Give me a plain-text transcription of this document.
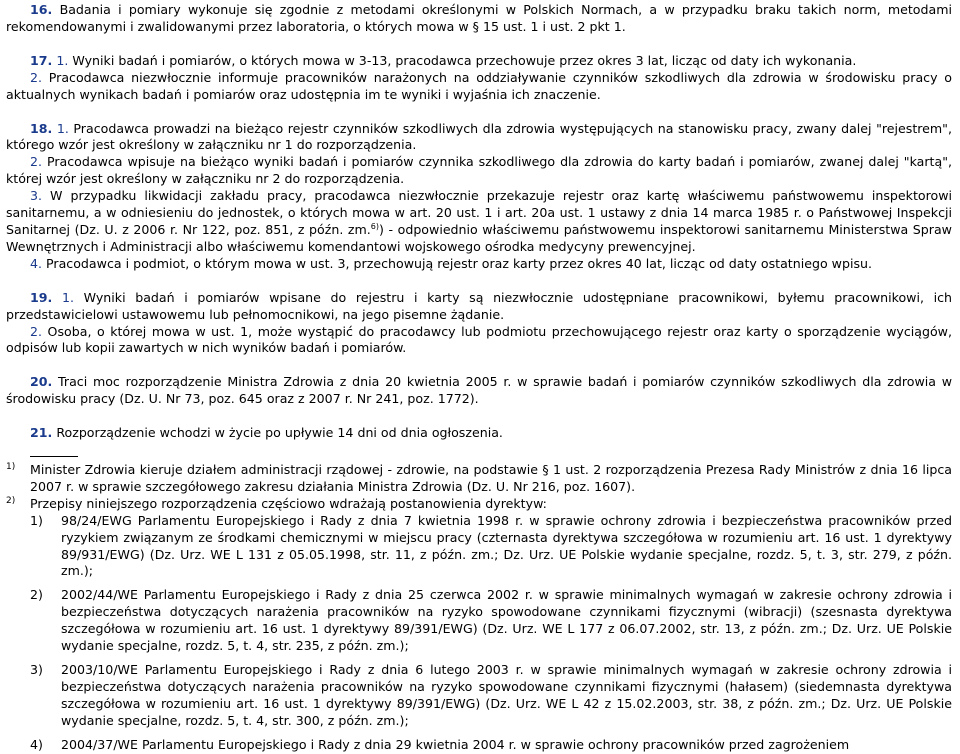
16. Badania i pomiary wykonuje się zgodnie z metodami określonymi w Polskich Normach, a w przypadku braku takich norm, metodami rekomendowanymi i zwalidowanymi przez laboratoria, o których mowa w § 15 ust. 1 i ust. 2 pkt 1.

17. 1. Wyniki badań i pomiarów, o których mowa w 3-13, pracodawca przechowuje przez okres 3 lat, licząc od daty ich wykonania.

2. Pracodawca niezwłocznie informuje pracowników narażonych na oddziaływanie czynników szkodliwych dla zdrowia w środowisku pracy o aktualnych wynikach badań i pomiarów oraz udostępnia im te wyniki i wyjaśnia ich znaczenie.

18. 1. Pracodawca prowadzi na bieżąco rejestr czynników szkodliwych dla zdrowia występujących na stanowisku pracy, zwany dalej "rejestrem", którego wzór jest określony w załączniku nr 1 do rozporządzenia.

2. Pracodawca wpisuje na bieżąco wyniki badań i pomiarów czynnika szkodliwego dla zdrowia do karty badań i pomiarów, zwanej dalej "kartą", której wzór jest określony w załączniku nr 2 do rozporządzenia.

3. W przypadku likwidacji zakładu pracy, pracodawca niezwłocznie przekazuje rejestr oraz kartę właściwemu państwowemu inspektorowi sanitarnemu, a w odniesieniu do jednostek, o których mowa w art. 20 ust. 1 i art. 20a ust. 1 ustawy z dnia 14 marca 1985 r. o Państwowej Inspekcji Sanitarnej (Dz. U. z 2006 r. Nr 122, poz. 851, z późn. zm.$^{6)}$) - odpowiednio właściwemu państwowemu inspektorowi sanitarnemu Ministerstwa Spraw Wewnętrznych i Administracji albo właściwemu komendantowi wojskowego ośrodka medycyny prewencyjnej.

4. Pracodawca i podmiot, o którym mowa w ust. 3, przechowują rejestr oraz karty przez okres 40 lat, licząc od daty ostatniego wpisu.

19. 1. Wyniki badań i pomiarów wpisane do rejestru i karty są niezwłocznie udostępniane pracownikowi, byłemu pracownikowi, ich przedstawicielowi ustawowemu lub pełnomocnikowi, na jego pisemne żądanie.

2. Osoba, o której mowa w ust. 1, może wystąpić do pracodawcy lub podmiotu przechowującego rejestr oraz karty o sporządzenie wyciągów, odpisów lub kopii zawartych w nich wyników badań i pomiarów.

20. Traci moc rozporządzenie Ministra Zdrowia z dnia 20 kwietnia 2005 r. w sprawie badań i pomiarów czynników szkodliwych dla zdrowia w środowisku pracy (Dz. U. Nr 73, poz. 645 oraz z 2007 r. Nr 241, poz. 1772).

21. Rozporządzenie wchodzi w życie po upływie 14 dni od dnia ogłoszenia.

1) Minister Zdrowia kieruje działem administracji rządowej - zdrowie, na podstawie § 1 ust. 2 rozporządzenia Prezesa Rady Ministrów z dnia 16 lipca 2007 r. w sprawie szczegółowego zakresu działania Ministra Zdrowia (Dz. U. Nr 216, poz. 1607).

2) Przepisy niniejszego rozporządzenia częściowo wdrażają postanowienia dyrektyw:

1) 98/24/EWG Parlamentu Europejskiego i Rady z dnia 7 kwietnia 1998 r. w sprawie ochrony zdrowia i bezpieczeństwa pracowników przed ryzykiem związanym ze środkami chemicznymi w miejscu pracy (czternasta dyrektywa szczegółowa w rozumieniu art. 16 ust. 1 dyrektywy 89/931/EWG) (Dz. Urz. WE L 131 z 05.05.1998, str. 11, z późn. zm.; Dz. Urz. UE Polskie wydanie specjalne, rozdz. 5, t. 3, str. 279, z późn. zm.);

2) 2002/44/WE Parlamentu Europejskiego i Rady z dnia 25 czerwca 2002 r. w sprawie minimalnych wymagań w zakresie ochrony zdrowia i bezpieczeństwa dotyczących narażenia pracowników na ryzyko spowodowane czynnikami fizycznymi (wibracji) (szesnasta dyrektywa szczegółowa w rozumieniu art. 16 ust. 1 dyrektywy 89/391/EWG) (Dz. Urz. WE L 177 z 06.07.2002, str. 13, z późn. zm.; Dz. Urz. UE Polskie wydanie specjalne, rozdz. 5, t. 4, str. 235, z późn. zm.);

3) 2003/10/WE Parlamentu Europejskiego i Rady z dnia 6 lutego 2003 r. w sprawie minimalnych wymagań w zakresie ochrony zdrowia i bezpieczeństwa dotyczących narażenia pracowników na ryzyko spowodowane czynnikami fizycznymi (hałasem) (siedemnasta dyrektywa szczegółowa w rozumieniu art. 16 ust. 1 dyrektywy 89/391/EWG) (Dz. Urz. WE L 42 z 15.02.2003, str. 38, z późn. zm.; Dz. Urz. UE Polskie wydanie specjalne, rozdz. 5, t. 4, str. 300, z późn. zm.);

4) 2004/37/WE Parlamentu Europejskiego i Rady z dnia 29 kwietnia 2004 r. w sprawie ochrony pracowników przed zagrożeniem
